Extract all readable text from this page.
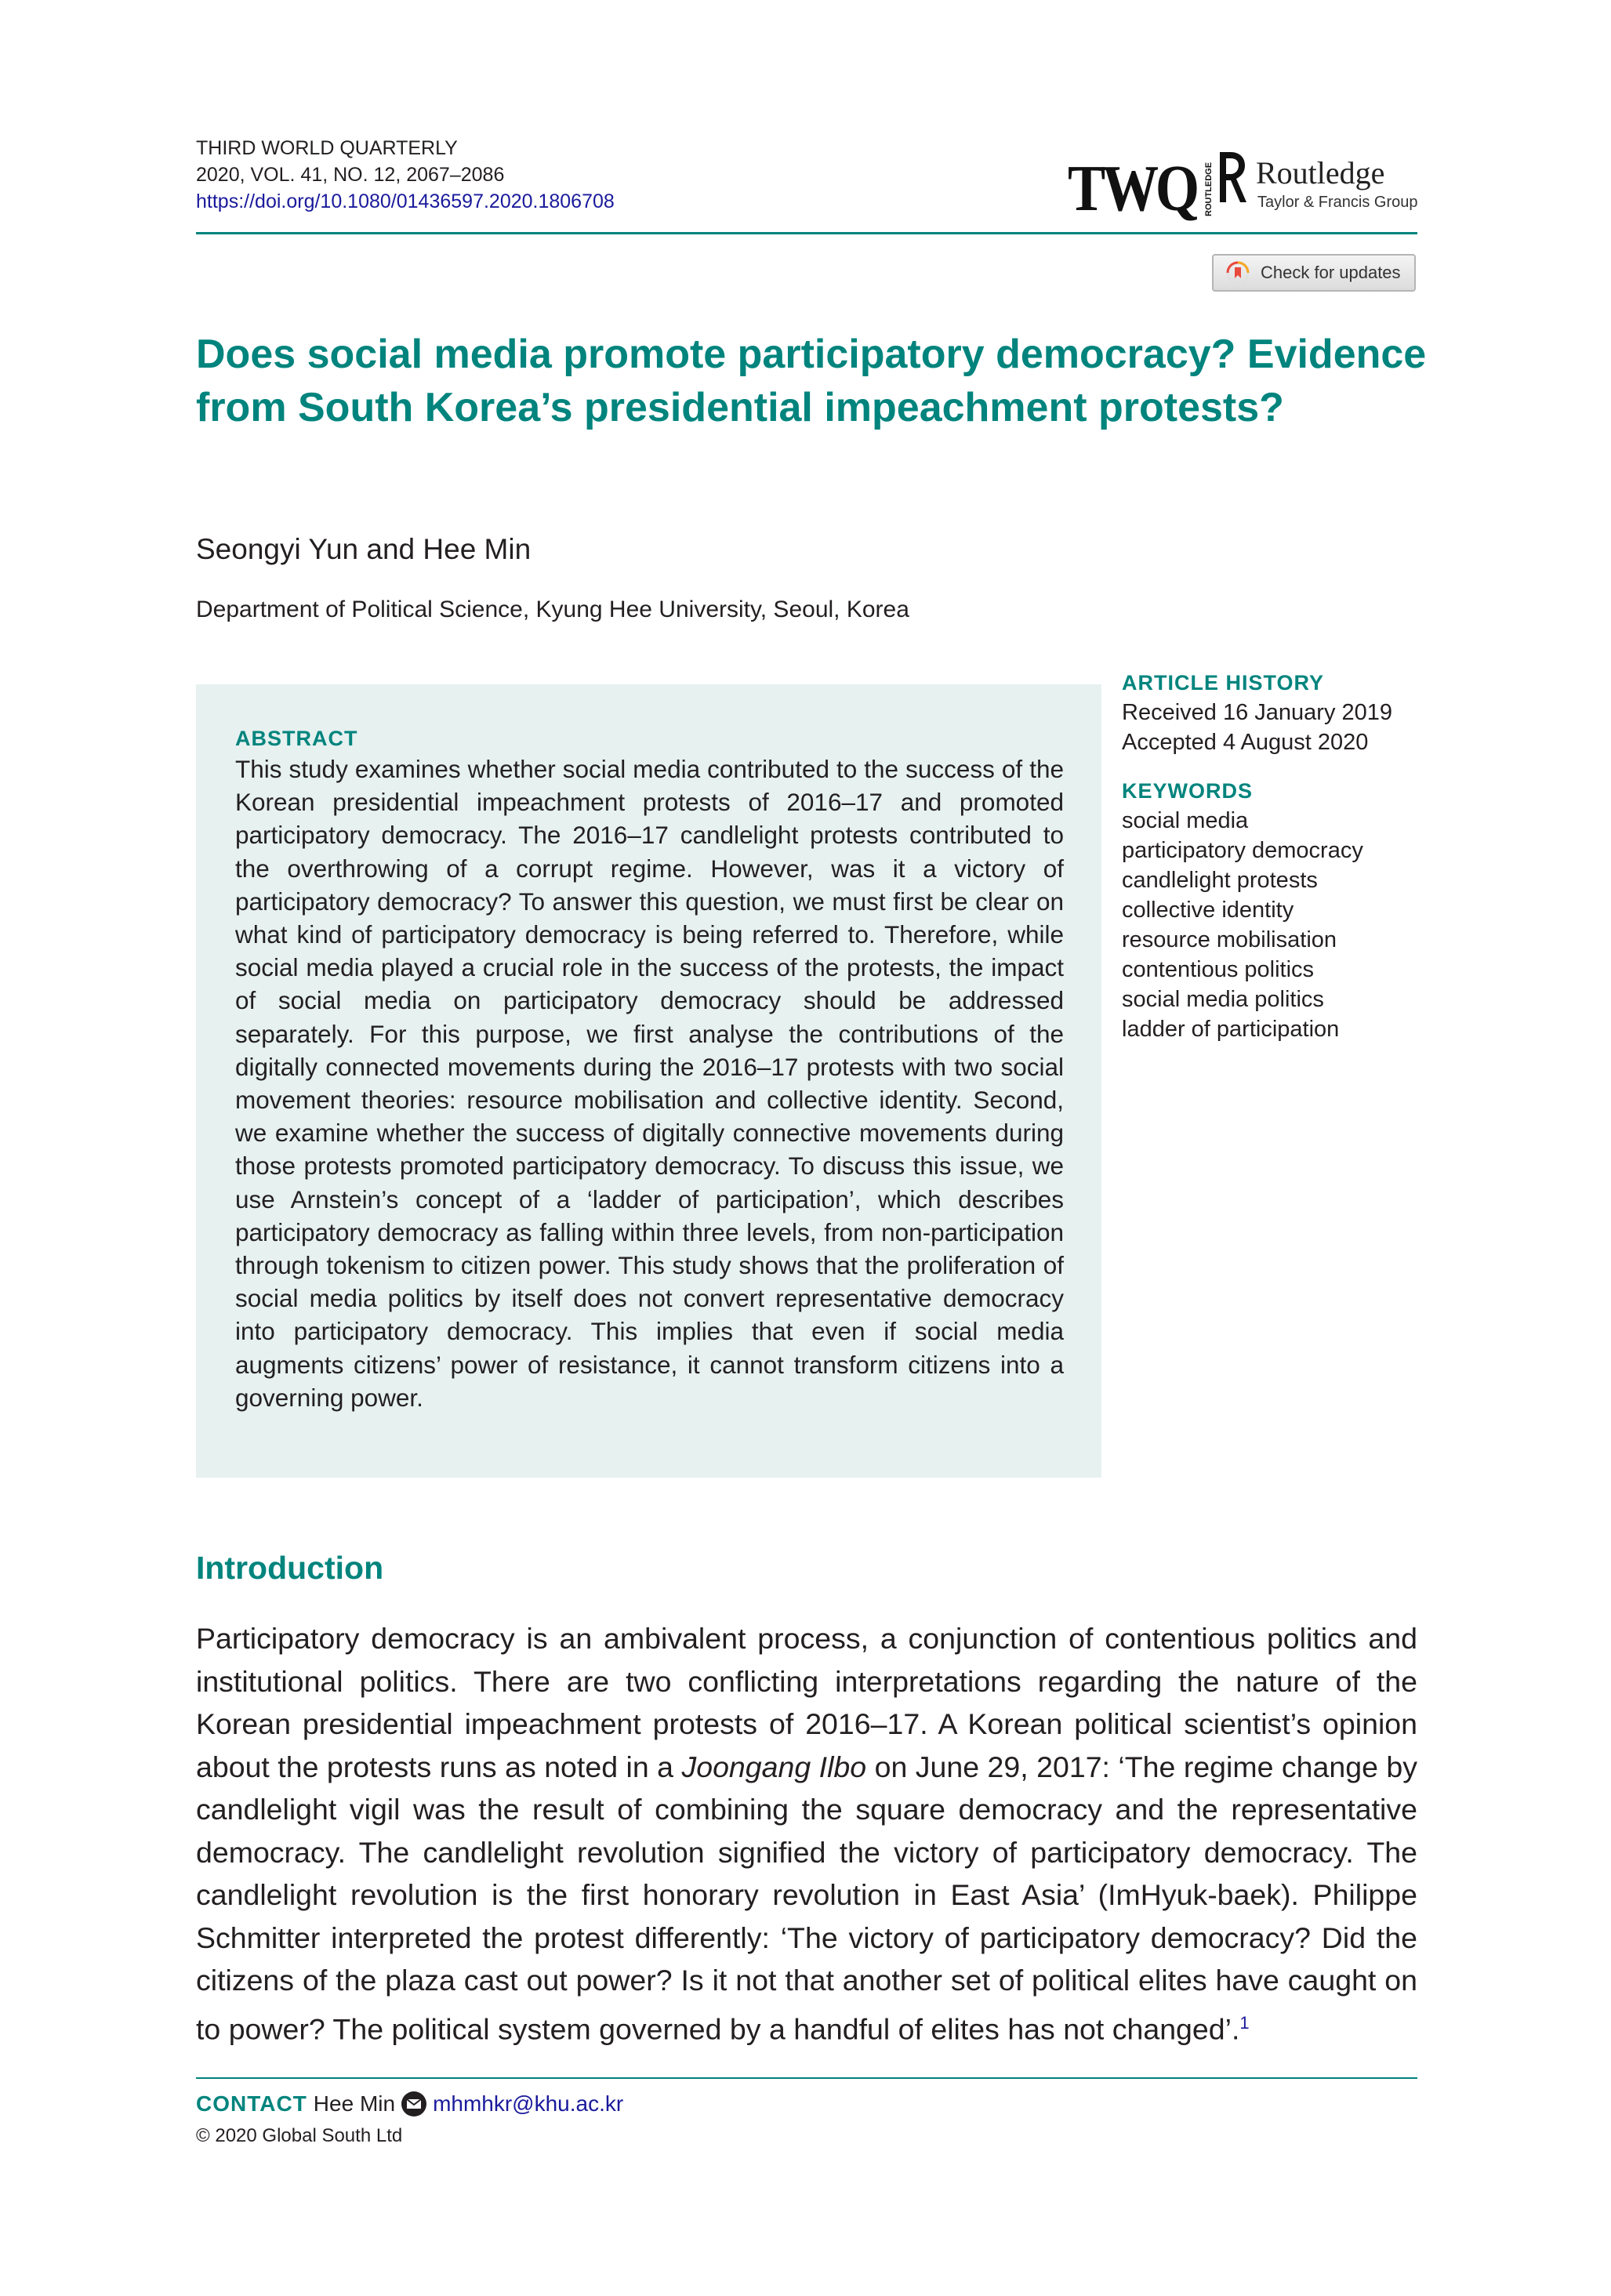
THIRD WORLD QUARTERLY
2020, VOL. 41, NO. 12, 2067–2086
https://doi.org/10.1080/01436597.2020.1806708	TWQ ROUTLEDGE Routledge
Taylor & Francis Group
Check for updates
Does social media promote participatory democracy? Evidence from South Korea’s presidential impeachment protests?
Seongyi Yun and Hee Min
Department of Political Science, Kyung Hee University, Seoul, Korea
ABSTRACT
This study examines whether social media contributed to the success of the Korean presidential impeachment protests of 2016–17 and promoted participatory democracy. The 2016–17 candlelight protests contributed to the overthrowing of a corrupt regime. However, was it a victory of participatory democracy? To answer this question, we must first be clear on what kind of participatory democracy is being referred to. Therefore, while social media played a crucial role in the success of the protests, the impact of social media on participatory democracy should be addressed separately. For this purpose, we first analyse the contributions of the digitally connected movements during the 2016–17 protests with two social movement theories: resource mobilisation and collective identity. Second, we examine whether the success of digitally connective movements during those protests promoted participatory democracy. To discuss this issue, we use Arnstein’s concept of a ‘ladder of participation’, which describes participatory democracy as falling within three levels, from non-participation through tokenism to citizen power. This study shows that the proliferation of social media politics by itself does not convert representative democracy into participatory democracy. This implies that even if social media augments citizens’ power of resistance, it cannot transform citizens into a governing power.
ARTICLE HISTORY
Received 16 January 2019
Accepted 4 August 2020
KEYWORDS
social media
participatory democracy
candlelight protests
collective identity
resource mobilisation
contentious politics
social media politics
ladder of participation
Introduction

Participatory democracy is an ambivalent process, a conjunction of contentious politics and institutional politics. There are two conflicting interpretations regarding the nature of the Korean presidential impeachment protests of 2016–17. A Korean political scientist’s opinion about the protests runs as noted in a Joongang Ilbo on June 29, 2017: ‘The regime change by candlelight vigil was the result of combining the square democracy and the representative democracy. The candlelight revolution signified the victory of participatory democracy. The candlelight revolution is the first honorary revolution in East Asia’ (ImHyuk-baek). Philippe Schmitter interpreted the protest differently: ‘The victory of participatory democracy? Did the citizens of the plaza cast out power? Is it not that another set of political elites have caught on to power? The political system governed by a handful of elites has not changed’.$^1$

CONTACT Hee Min mhmhkr@khu.ac.kr
© 2020 Global South Ltd
